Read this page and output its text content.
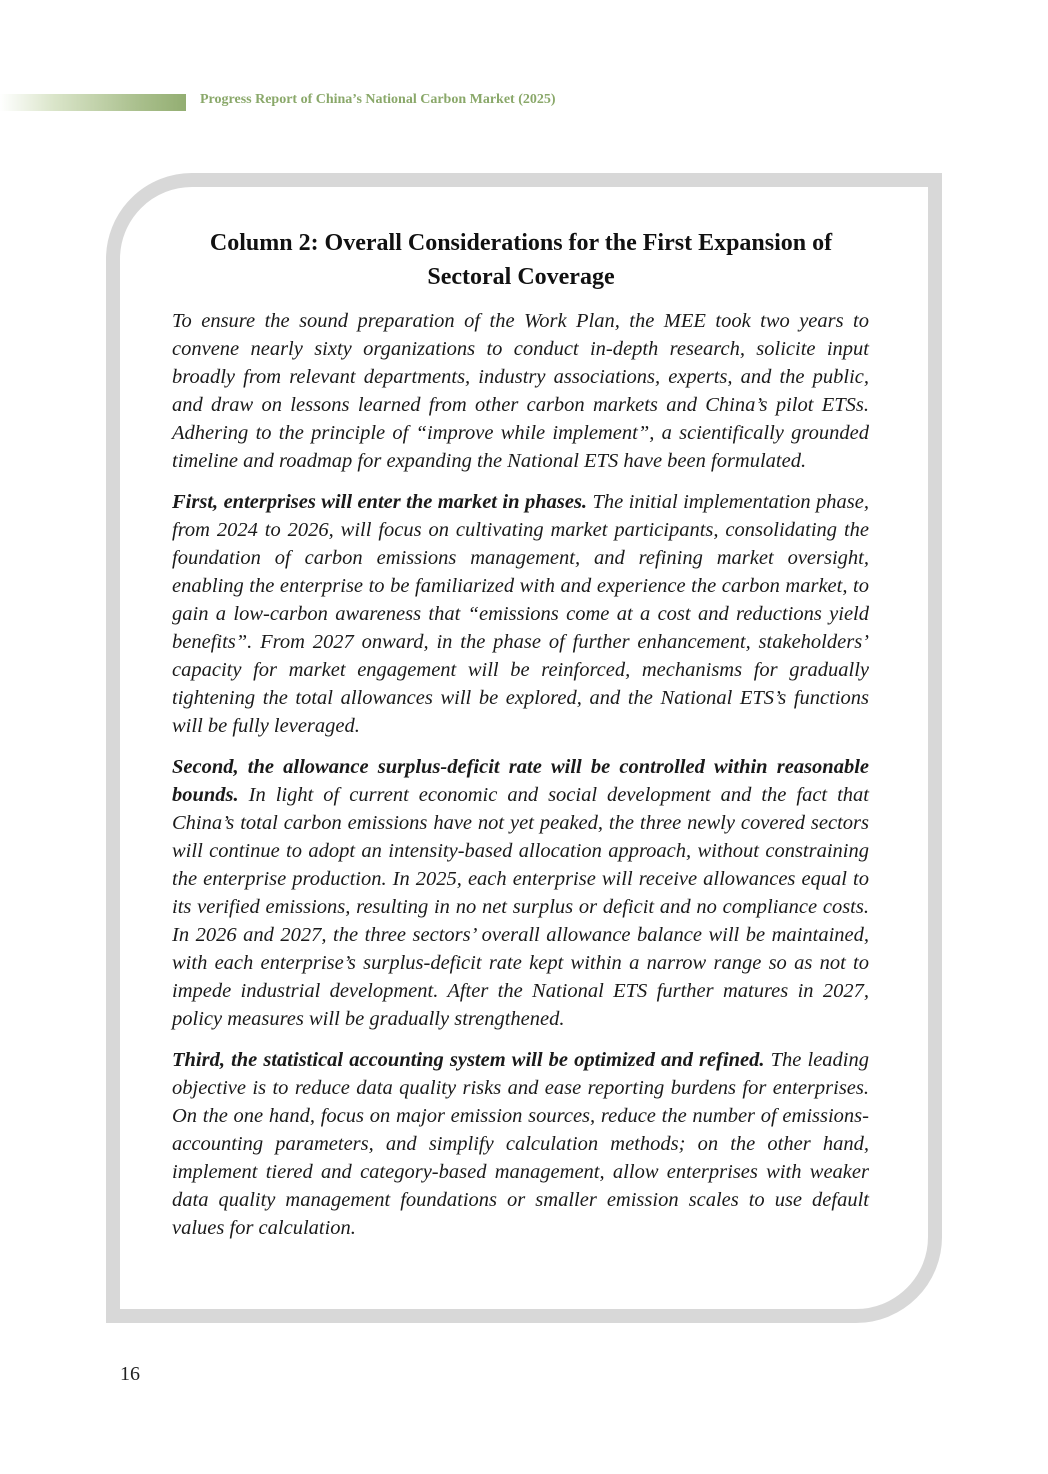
Progress Report of China’s National Carbon Market (2025)
Column 2: Overall Considerations for the First Expansion of
Sectoral Coverage

To ensure the sound preparation of the Work Plan, the MEE took two years to convene nearly sixty organizations to conduct in-depth research, solicite input broadly from relevant departments, industry associations, experts, and the public, and draw on lessons learned from other carbon markets and China’s pilot ETSs. Adhering to the principle of “improve while implement”, a scientifically grounded timeline and roadmap for expanding the National ETS have been formulated.

First, enterprises will enter the market in phases. The initial implementation phase, from 2024 to 2026, will focus on cultivating market participants, consolidating the foundation of carbon emissions management, and refining market oversight, enabling the enterprise to be familiarized with and experience the carbon market, to gain a low-carbon awareness that “emissions come at a cost and reductions yield benefits”. From 2027 onward, in the phase of further enhancement, stakeholders’ capacity for market engagement will be reinforced, mechanisms for gradually tightening the total allowances will be explored, and the National ETS’s functions will be fully leveraged.

Second, the allowance surplus-deficit rate will be controlled within reasonable bounds. In light of current economic and social development and the fact that China’s total carbon emissions have not yet peaked, the three newly covered sectors will continue to adopt an intensity-based allocation approach, without constraining the enterprise production. In 2025, each enterprise will receive allowances equal to its verified emissions, resulting in no net surplus or deficit and no compliance costs. In 2026 and 2027, the three sectors’ overall allowance balance will be maintained, with each enterprise’s surplus-deficit rate kept within a narrow range so as not to impede industrial development. After the National ETS further matures in 2027, policy measures will be gradually strengthened.

Third, the statistical accounting system will be optimized and refined. The leading objective is to reduce data quality risks and ease reporting burdens for enterprises. On the one hand, focus on major emission sources, reduce the number of emissions-accounting parameters, and simplify calculation methods; on the other hand, implement tiered and category-based management, allow enterprises with weaker data quality management foundations or smaller emission scales to use default values for calculation.

16
